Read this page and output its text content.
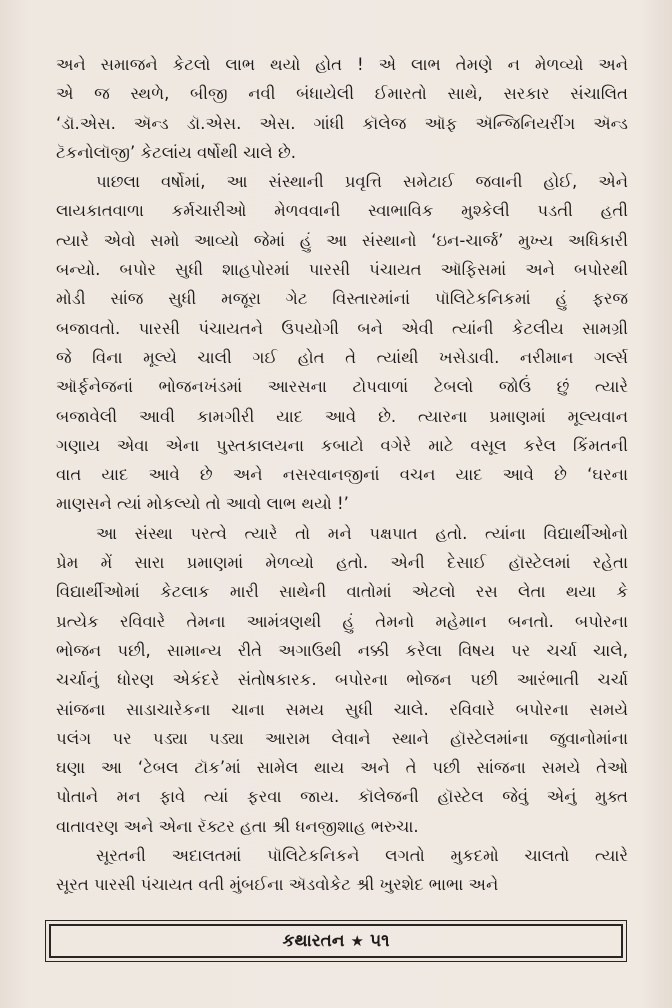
અને સમાજને કેટલો લાભ થયો હોત ! એ લાભ તેમણે ન મેળવ્યો અને
એ જ સ્થળે, બીજી નવી બંધાયેલી ઈમારતો સાથે, સરકાર સંચાલિત
‘ડૉ.એસ. ઍન્ડ ડૉ.એસ. એસ. ગાંધી કૉલેજ ઑફ ઍન્જિનિયરીંગ ઍન્ડ
ટૅકનોલૉજી’ કેટલાંય વર્ષોથી ચાલે છે.
પાછલા વર્ષોમાં, આ સંસ્થાની પ્રવૃત્તિ સમેટાઈ જવાની હોઈ, એને
લાયકાતવાળા કર્મચારીઓ મેળવવાની સ્વાભાવિક મુશ્કેલી પડતી હતી
ત્યારે એવો સમો આવ્યો જેમાં હું આ સંસ્થાનો ‘ઇન-ચાર્જ’ મુખ્ય અધિકારી
બન્યો. બપોર સુધી શાહપોરમાં પારસી પંચાયત ઑફિસમાં અને બપોરથી
મોડી સાંજ સુધી મજૂરા ગેટ વિસ્તારમાંનાં પૉલિટેકનિકમાં હું ફરજ
બજાવતો. પારસી પંચાયતને ઉપયોગી બને એવી ત્યાંની કેટલીય સામગ્રી
જે વિના મૂલ્યે ચાલી ગઈ હોત તે ત્યાંથી ખસેડાવી. નરીમાન ગર્લ્સ
ઑર્ફનેજનાં ભોજનખંડમાં આરસના ટોપવાળાં ટેબલો જોઉં છું ત્યારે
બજાવેલી આવી કામગીરી યાદ આવે છે. ત્યારના પ્રમાણમાં મૂલ્યવાન
ગણાય એવા એના પુસ્તકાલયના કબાટો વગેરે માટે વસૂલ કરેલ કિંમતની
વાત યાદ આવે છે અને નસરવાનજીનાં વચન યાદ આવે છે ‘ઘરના
માણસને ત્યાં મોકલ્યો તો આવો લાભ થયો !’
આ સંસ્થા પરત્વે ત્યારે તો મને પક્ષપાત હતો. ત્યાંના વિદ્યાર્થીઓનો
પ્રેમ મેં સારા પ્રમાણમાં મેળવ્યો હતો. એની દેસાઈ હૉસ્ટેલમાં રહેતા
વિદ્યાર્થીઓમાં કેટલાક મારી સાથેની વાતોમાં એટલો રસ લેતા થયા કે
પ્રત્યેક રવિવારે તેમના આમંત્રણથી હું તેમનો મહેમાન બનતો. બપોરના
ભોજન પછી, સામાન્ય રીતે અગાઉથી નક્કી કરેલા વિષય પર ચર્ચા ચાલે,
ચર્ચાનું ધોરણ એકંદરે સંતોષકારક. બપોરના ભોજન પછી આરંભાતી ચર્ચા
સાંજના સાડાચારેકના ચાના સમય સુધી ચાલે. રવિવારે બપોરના સમયે
પલંગ પર પડ્યા પડ્યા આરામ લેવાને સ્થાને હૉસ્ટેલમાંના જુવાનોમાંના
ઘણા આ ‘ટેબલ ટૉક’માં સામેલ થાય અને તે પછી સાંજના સમયે તેઓ
પોતાને મન ફાવે ત્યાં ફરવા જાય. કૉલેજની હૉસ્ટેલ જેવું એનું મુક્ત
વાતાવરણ અને એના રૅક્ટર હતા શ્રી ધનજીશાહ ભરુચા.
સૂરતની અદાલતમાં પૉલિટેકનિકને લગતો મુકદમો ચાલતો ત્યારે
સૂરત પારસી પંચાયત વતી મુંબઈના ઍડવોકેટ શ્રી ખુરશેદ ભાભા અને
કથારતન ★ ૫૧
